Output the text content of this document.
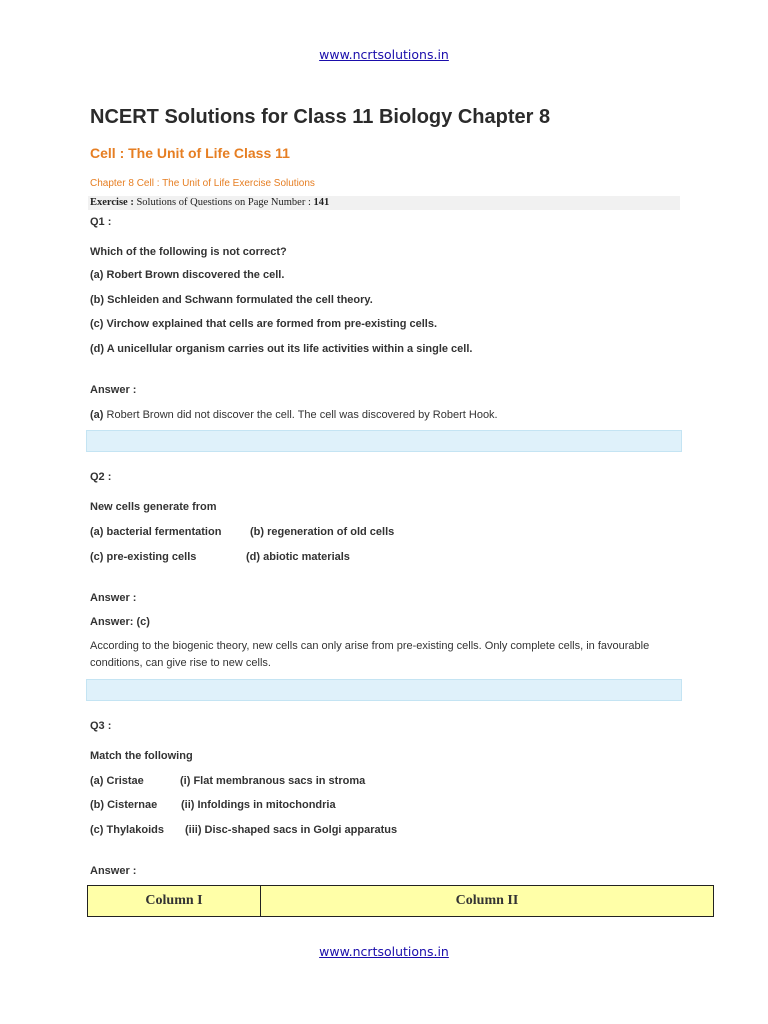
www.ncrtsolutions.in
NCERT Solutions for Class 11 Biology Chapter 8
Cell : The Unit of Life Class 11
Chapter 8 Cell : The Unit of Life Exercise Solutions
Exercise : Solutions of Questions on Page Number : 141
Q1 :
Which of the following is not correct?
(a) Robert Brown discovered the cell.
(b) Schleiden and Schwann formulated the cell theory.
(c) Virchow explained that cells are formed from pre-existing cells.
(d) A unicellular organism carries out its life activities within a single cell.
Answer :
(a) Robert Brown did not discover the cell. The cell was discovered by Robert Hook.
Q2 :
New cells generate from
(a) bacterial fermentation	(b) regeneration of old cells
(c) pre-existing cells	(d) abiotic materials
Answer :
Answer: (c)
According to the biogenic theory, new cells can only arise from pre-existing cells. Only complete cells, in favourable conditions, can give rise to new cells.
Q3 :
Match the following
(a) Cristae	(i) Flat membranous sacs in stroma
(b) Cisternae (ii) Infoldings in mitochondria
(c) Thylakoids (iii) Disc-shaped sacs in Golgi apparatus
Answer :
Column I	Column II
www.ncrtsolutions.in
